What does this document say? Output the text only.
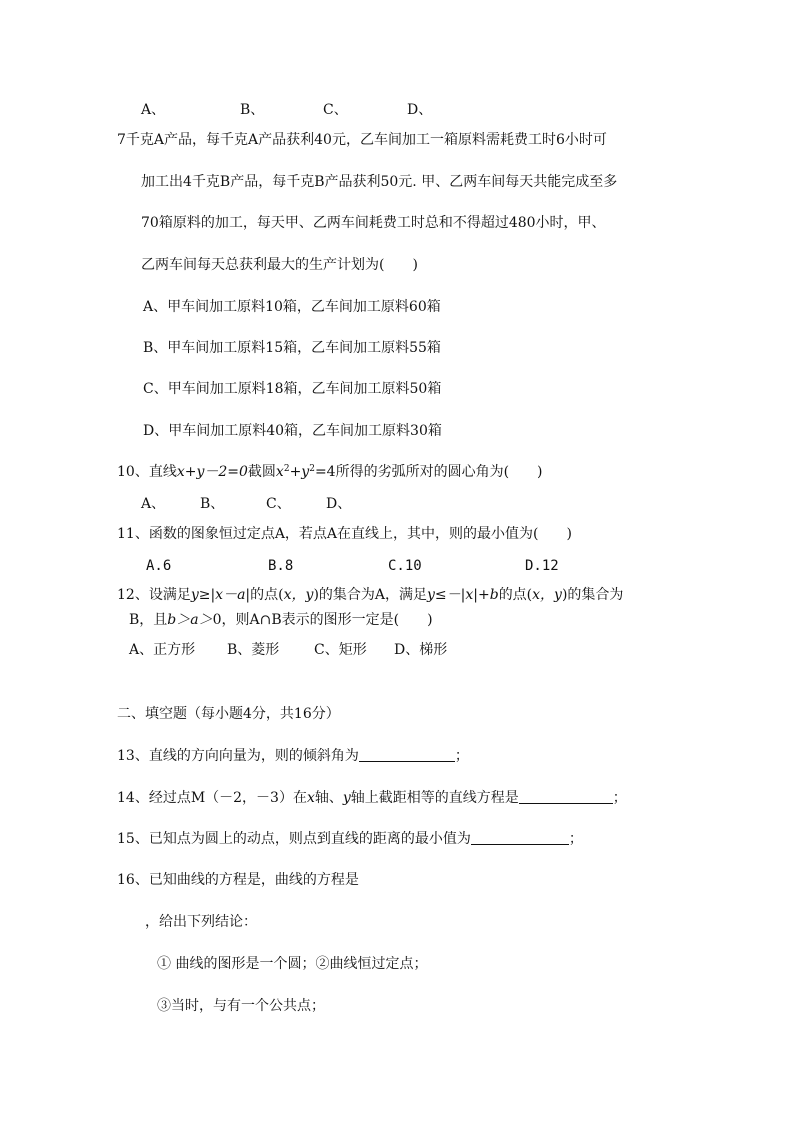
A、	B、	C、	D、
7千克A产品，每千克A产品获利40元，乙车间加工一箱原料需耗费工时6小时可
加工出4千克B产品，每千克B产品获利50元. 甲、乙两车间每天共能完成至多
70箱原料的加工，每天甲、乙两车间耗费工时总和不得超过480小时，甲、
乙两车间每天总获利最大的生产计划为(　　)
A、甲车间加工原料10箱，乙车间加工原料60箱
B、甲车间加工原料15箱，乙车间加工原料55箱
C、甲车间加工原料18箱，乙车间加工原料50箱
D、甲车间加工原料40箱，乙车间加工原料30箱
10、直线x+y－2=0截圆$x^2+y^2=4$所得的劣弧所对的圆心角为(　　)
A、 B、	C、	D、
11、函数的图象恒过定点A，若点A在直线上，其中，则的最小值为(　　)
A.6	B.8	C.10	D.12
12、设满足y≥|x－a|的点(x，y)的集合为A，满足y≤－|x|+b的点(x，y)的集合为
B，且b＞a＞0，则A∩B表示的图形一定是(　　)
A、正方形 B、菱形 C、矩形 D、梯形
二、填空题（每小题4分，共16分）
13、直线的方向向量为，则的倾斜角为	；
14、经过点M（－2，－3）在x轴、y轴上截距相等的直线方程是	；
15、已知点为圆上的动点，则点到直线的距离的最小值为	；
16、已知曲线的方程是，曲线的方程是
，给出下列结论：
① 曲线的图形是一个圆；②曲线恒过定点；
③当时，与有一个公共点；
